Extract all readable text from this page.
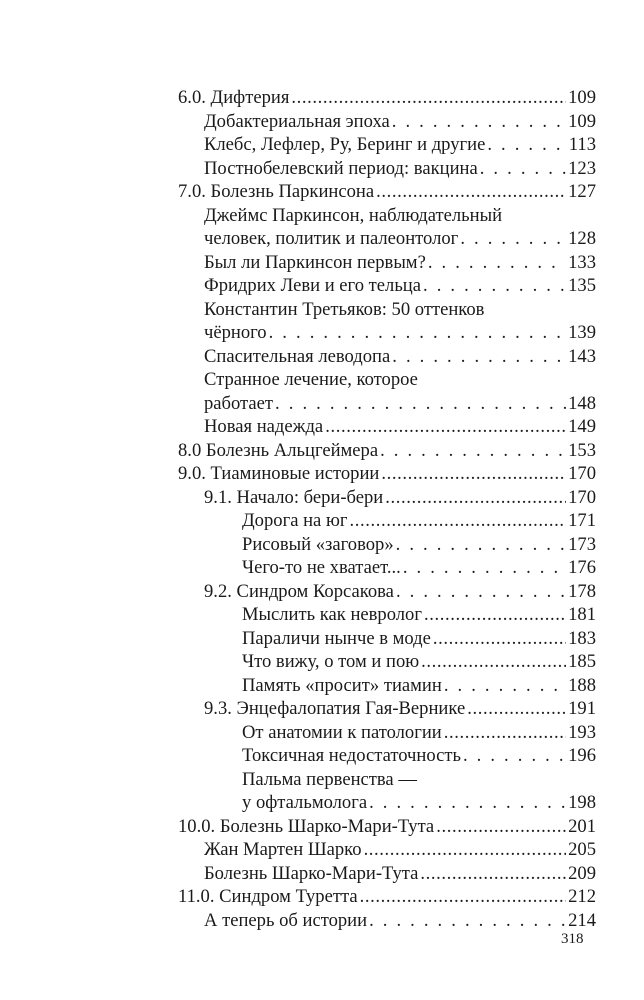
6.0. Дифтерия .....	109
Добактериальная эпоха . . .	109
Клебс, Лефлер, Ру, Беринг и другие . . .	113
Постнобелевский период: вакцина . . .	123
7.0. Болезнь Паркинсона .....	127
Джеймс Паркинсон, наблюдательный
человек, политик и палеонтолог . . .	128
Был ли Паркинсон первым? . . .	133
Фридрих Леви и его тельца . . .	135
Константин Третьяков: 50 оттенков
чёрного . . .	139
Спасительная леводопа . . .	143
Странное лечение, которое
работает . . .	148
Новая надежда .....	149
8.0 Болезнь Альцгеймера . . .	153
9.0. Тиаминовые истории .....	170
9.1. Начало: бери-бери .....	170
Дорога на юг .....	171
Рисовый «заговор» . . .	173
Чего-то не хватает... . . .	176
9.2. Синдром Корсакова . . .	178
Мыслить как невролог .....	181
Параличи нынче в моде .....	183
Что вижу, о том и пою .....	185
Память «просит» тиамин . . .	188
9.3. Энцефалопатия Гая-Вернике .....	191
От анатомии к патологии .....	193
Токсичная недостаточность . . .	196
Пальма первенства —
у офтальмолога . . .	198
10.0. Болезнь Шарко-Мари-Тута .....	201
Жан Мартен Шарко .....	205
Болезнь Шарко-Мари-Тута .....	209
11.0. Синдром Туретта .....	212
А теперь об истории . . .	214
318
